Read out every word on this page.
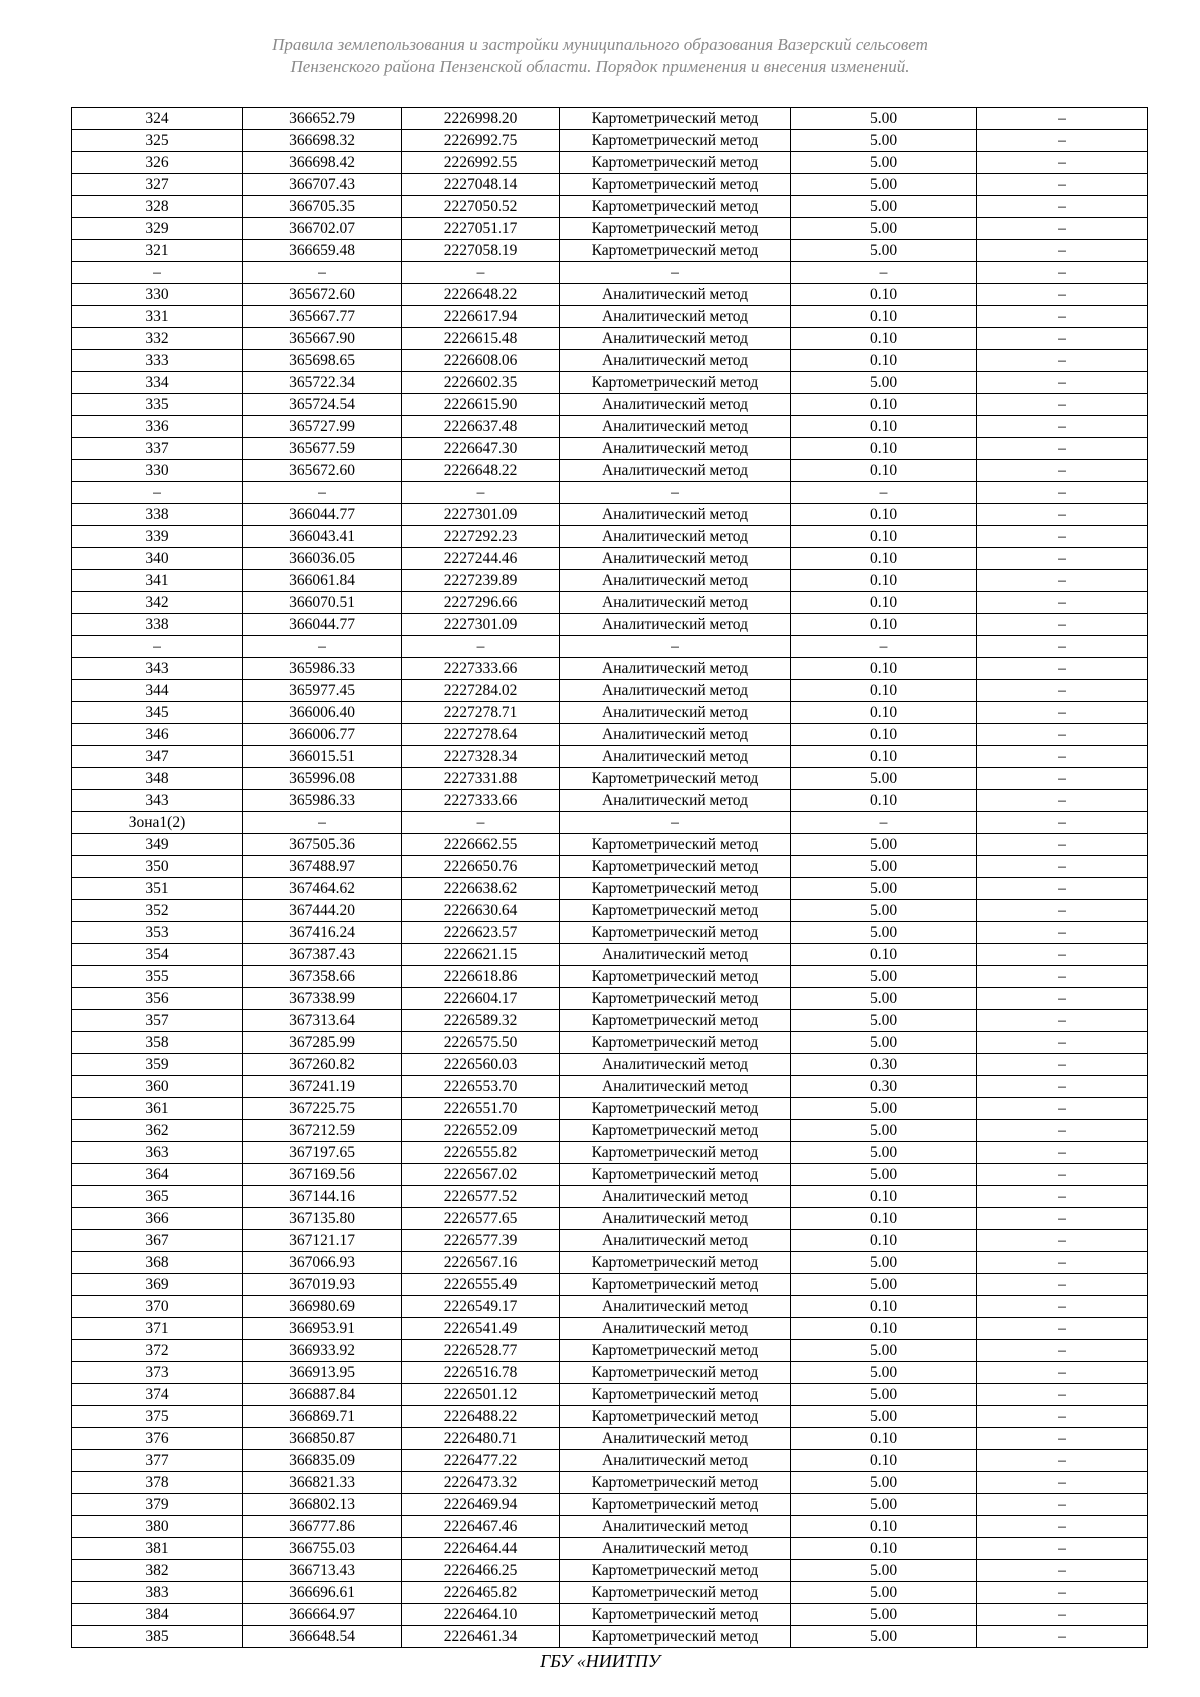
Правила землепользования и застройки муниципального образования Вазерский сельсовет
Пензенского района Пензенской области. Порядок применения и внесения изменений.
324	366652.79	2226998.20	Картометрический метод	5.00	–
325	366698.32	2226992.75	Картометрический метод	5.00	–
326	366698.42	2226992.55	Картометрический метод	5.00	–
327	366707.43	2227048.14	Картометрический метод	5.00	–
328	366705.35	2227050.52	Картометрический метод	5.00	–
329	366702.07	2227051.17	Картометрический метод	5.00	–
321	366659.48	2227058.19	Картометрический метод	5.00	–
–	–	–	–	–	–
330	365672.60	2226648.22	Аналитический метод	0.10	–
331	365667.77	2226617.94	Аналитический метод	0.10	–
332	365667.90	2226615.48	Аналитический метод	0.10	–
333	365698.65	2226608.06	Аналитический метод	0.10	–
334	365722.34	2226602.35	Картометрический метод	5.00	–
335	365724.54	2226615.90	Аналитический метод	0.10	–
336	365727.99	2226637.48	Аналитический метод	0.10	–
337	365677.59	2226647.30	Аналитический метод	0.10	–
330	365672.60	2226648.22	Аналитический метод	0.10	–
–	–	–	–	–	–
338	366044.77	2227301.09	Аналитический метод	0.10	–
339	366043.41	2227292.23	Аналитический метод	0.10	–
340	366036.05	2227244.46	Аналитический метод	0.10	–
341	366061.84	2227239.89	Аналитический метод	0.10	–
342	366070.51	2227296.66	Аналитический метод	0.10	–
338	366044.77	2227301.09	Аналитический метод	0.10	–
–	–	–	–	–	–
343	365986.33	2227333.66	Аналитический метод	0.10	–
344	365977.45	2227284.02	Аналитический метод	0.10	–
345	366006.40	2227278.71	Аналитический метод	0.10	–
346	366006.77	2227278.64	Аналитический метод	0.10	–
347	366015.51	2227328.34	Аналитический метод	0.10	–
348	365996.08	2227331.88	Картометрический метод	5.00	–
343	365986.33	2227333.66	Аналитический метод	0.10	–
Зона1(2)	–	–	–	–	–
349	367505.36	2226662.55	Картометрический метод	5.00	–
350	367488.97	2226650.76	Картометрический метод	5.00	–
351	367464.62	2226638.62	Картометрический метод	5.00	–
352	367444.20	2226630.64	Картометрический метод	5.00	–
353	367416.24	2226623.57	Картометрический метод	5.00	–
354	367387.43	2226621.15	Аналитический метод	0.10	–
355	367358.66	2226618.86	Картометрический метод	5.00	–
356	367338.99	2226604.17	Картометрический метод	5.00	–
357	367313.64	2226589.32	Картометрический метод	5.00	–
358	367285.99	2226575.50	Картометрический метод	5.00	–
359	367260.82	2226560.03	Аналитический метод	0.30	–
360	367241.19	2226553.70	Аналитический метод	0.30	–
361	367225.75	2226551.70	Картометрический метод	5.00	–
362	367212.59	2226552.09	Картометрический метод	5.00	–
363	367197.65	2226555.82	Картометрический метод	5.00	–
364	367169.56	2226567.02	Картометрический метод	5.00	–
365	367144.16	2226577.52	Аналитический метод	0.10	–
366	367135.80	2226577.65	Аналитический метод	0.10	–
367	367121.17	2226577.39	Аналитический метод	0.10	–
368	367066.93	2226567.16	Картометрический метод	5.00	–
369	367019.93	2226555.49	Картометрический метод	5.00	–
370	366980.69	2226549.17	Аналитический метод	0.10	–
371	366953.91	2226541.49	Аналитический метод	0.10	–
372	366933.92	2226528.77	Картометрический метод	5.00	–
373	366913.95	2226516.78	Картометрический метод	5.00	–
374	366887.84	2226501.12	Картометрический метод	5.00	–
375	366869.71	2226488.22	Картометрический метод	5.00	–
376	366850.87	2226480.71	Аналитический метод	0.10	–
377	366835.09	2226477.22	Аналитический метод	0.10	–
378	366821.33	2226473.32	Картометрический метод	5.00	–
379	366802.13	2226469.94	Картометрический метод	5.00	–
380	366777.86	2226467.46	Аналитический метод	0.10	–
381	366755.03	2226464.44	Аналитический метод	0.10	–
382	366713.43	2226466.25	Картометрический метод	5.00	–
383	366696.61	2226465.82	Картометрический метод	5.00	–
384	366664.97	2226464.10	Картометрический метод	5.00	–
385	366648.54	2226461.34	Картометрический метод	5.00	–
ГБУ «НИИТПУ
